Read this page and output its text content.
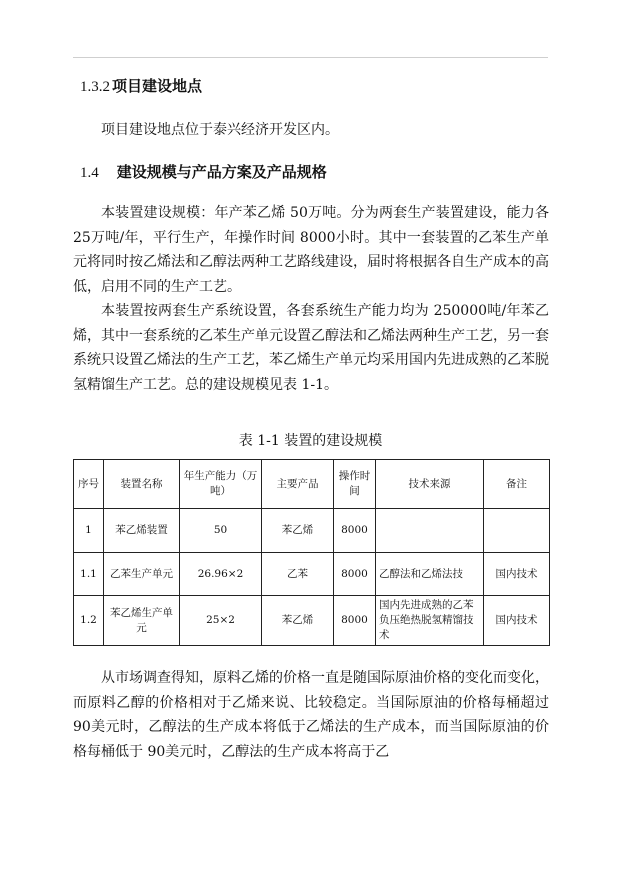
1.3.2 项目建设地点

项目建设地点位于泰兴经济开发区内。

1.4 建设规模与产品方案及产品规格

本装置建设规模：年产苯乙烯 50万吨。分为两套生产装置建设，能力各 25万吨/年，平行生产，年操作时间 8000小时。其中一套装置的乙苯生产单元将同时按乙烯法和乙醇法两种工艺路线建设，届时将根据各自生产成本的高低，启用不同的生产工艺。

本装置按两套生产系统设置，各套系统生产能力均为 250000吨/年苯乙烯，其中一套系统的乙苯生产单元设置乙醇法和乙烯法两种生产工艺，另一套系统只设置乙烯法的生产工艺，苯乙烯生产单元均采用国内先进成熟的乙苯脱氢精馏生产工艺。总的建设规模见表 1-1。

表 1-1 装置的建设规模
序号	装置名称	年生产能力（万吨）	主要产品	操作时间	技术来源	备注
1	苯乙烯装置	50	苯乙烯	8000		
1.1	乙苯生产单元	26.96×2	乙苯	8000	乙醇法和乙烯法技	国内技术
1.2	苯乙烯生产单元	25×2	苯乙烯	8000	国内先进成熟的乙苯负压绝热脱氢精馏技术	国内技术

从市场调查得知，原料乙烯的价格一直是随国际原油价格的变化而变化，而原料乙醇的价格相对于乙烯来说、比较稳定。当国际原油的价格每桶超过 90美元时，乙醇法的生产成本将低于乙烯法的生产成本，而当国际原油的价格每桶低于 90美元时，乙醇法的生产成本将高于乙
